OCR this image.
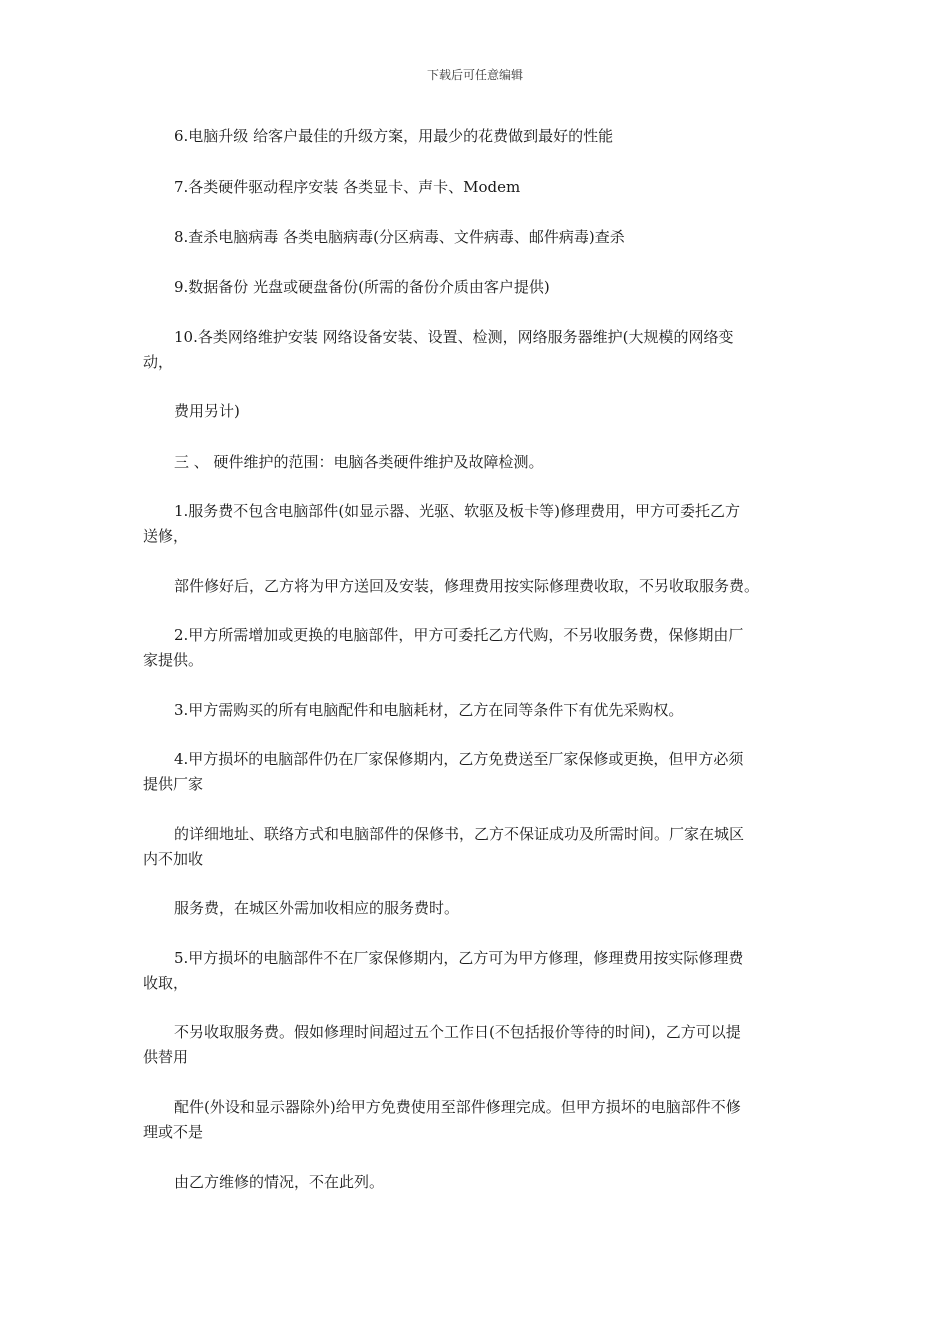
下载后可任意编辑
6.电脑升级 给客户最佳的升级方案，用最少的花费做到最好的性能
7.各类硬件驱动程序安装 各类显卡、声卡、Modem
8.查杀电脑病毒 各类电脑病毒(分区病毒、文件病毒、邮件病毒)查杀
9.数据备份 光盘或硬盘备份(所需的备份介质由客户提供)
10.各类网络维护安装 网络设备安装、设置、检测，网络服务器维护(大规模的网络变
动，
费用另计)
三 、 硬件维护的范围：电脑各类硬件维护及故障检测。
1.服务费不包含电脑部件(如显示器、光驱、软驱及板卡等)修理费用，甲方可委托乙方
送修，
部件修好后，乙方将为甲方送回及安装，修理费用按实际修理费收取，不另收取服务费。
2.甲方所需增加或更换的电脑部件，甲方可委托乙方代购，不另收服务费，保修期由厂
家提供。
3.甲方需购买的所有电脑配件和电脑耗材，乙方在同等条件下有优先采购权。
4.甲方损坏的电脑部件仍在厂家保修期内，乙方免费送至厂家保修或更换，但甲方必须
提供厂家
的详细地址、联络方式和电脑部件的保修书，乙方不保证成功及所需时间。厂家在城区
内不加收
服务费，在城区外需加收相应的服务费时。
5.甲方损坏的电脑部件不在厂家保修期内，乙方可为甲方修理，修理费用按实际修理费
收取，
不另收取服务费。假如修理时间超过五个工作日(不包括报价等待的时间)，乙方可以提
供替用
配件(外设和显示器除外)给甲方免费使用至部件修理完成。但甲方损坏的电脑部件不修
理或不是
由乙方维修的情况，不在此列。
